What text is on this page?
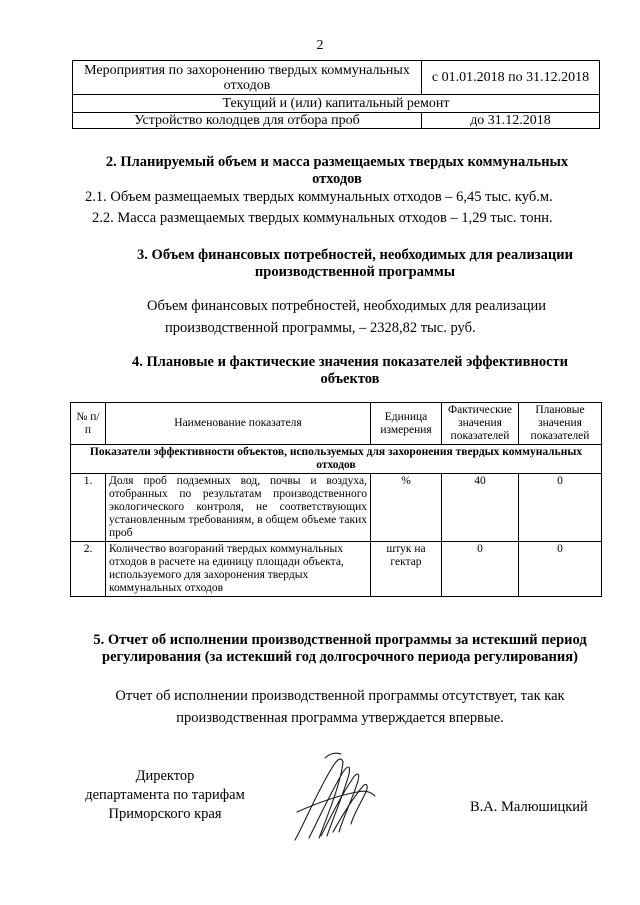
2
Мероприятия по захоронению твердых коммунальных отходов	с 01.01.2018 по 31.12.2018
Текущий и (или) капитальный ремонт	
Устройство колодцев для отбора проб	до 31.12.2018
2. Планируемый объем и масса размещаемых твердых коммунальных отходов
2.1. Объем размещаемых твердых коммунальных отходов – 6,45 тыс. куб.м.
2.2. Масса размещаемых твердых коммунальных отходов – 1,29 тыс. тонн.
3. Объем финансовых потребностей, необходимых для реализации производственной программы
Объем финансовых потребностей, необходимых для реализации производственной программы, – 2328,82 тыс. руб.
4. Плановые и фактические значения показателей эффективности объектов
№ п/п	Наименование показателя	Единица измерения	Фактические значения показателей	Плановые значения показателей
Показатели эффективности объектов, используемых для захоронения твердых коммунальных отходов				
1.	Доля проб подземных вод, почвы и воздуха, отобранных по результатам производственного экологического контроля, не соответствующих установленным требованиям, в общем объеме таких проб	%	40	0
2.	Количество возгораний твердых коммунальных отходов в расчете на единицу площади объекта, используемого для захоронения твердых коммунальных отходов	штук на гектар	0	0
5. Отчет об исполнении производственной программы за истекший период регулирования (за истекший год долгосрочного периода регулирования)
Отчет об исполнении производственной программы отсутствует, так как производственная программа утверждается впервые.
Директор
департамента по тарифам
Приморского края	В.А. Малюшицкий
